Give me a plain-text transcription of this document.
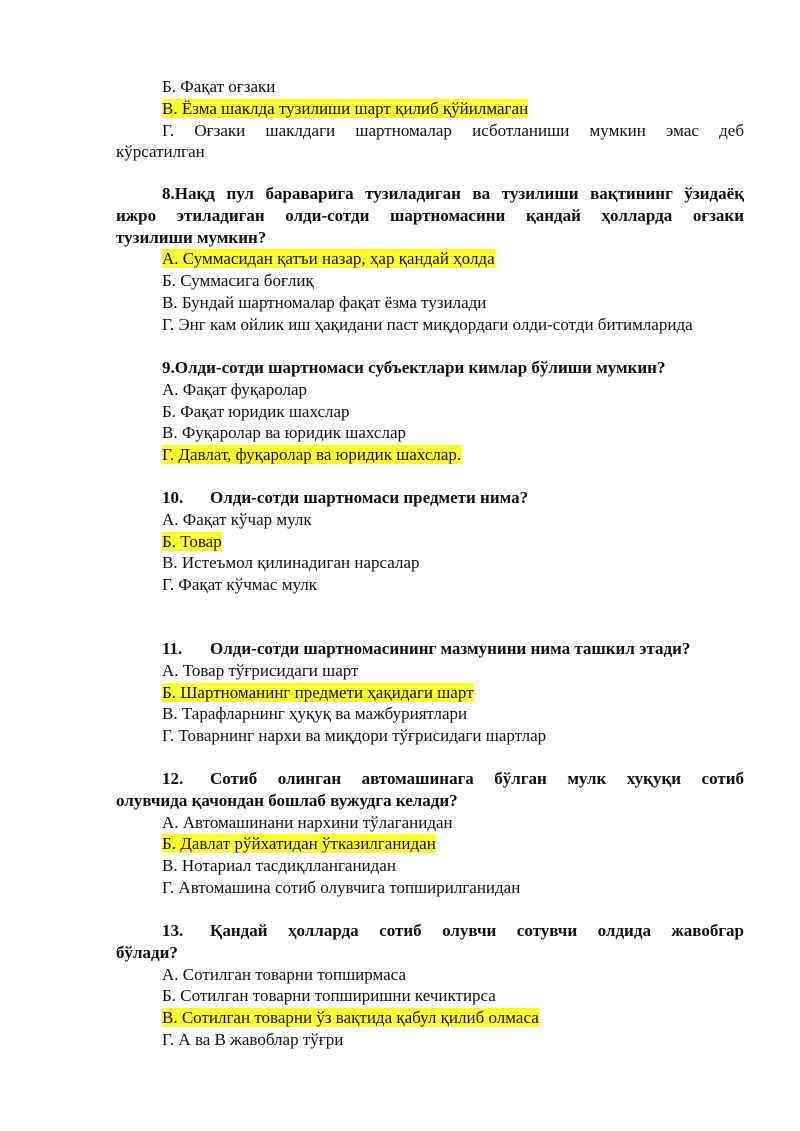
Б. Фақат оғзаки
В. Ёзма шаклда тузилиши шарт қилиб қўйилмаган
Г. Оғзаки шаклдаги шартномалар исботланиши мумкин эмас деб
кўрсатилган
8.Нақд пул бараварига тузиладиган ва тузилиши вақтининг ўзидаёқ
ижро этиладиган олди-сотди шартномасини қандай ҳолларда оғзаки
тузилиши мумкин?
А. Суммасидан қатъи назар, ҳар қандай ҳолда
Б. Суммасига боғлиқ
В. Бундай шартномалар фақат ёзма тузилади
Г. Энг кам ойлик иш ҳақидани паст миқдордаги олди-сотди битимларида
9.Олди-сотди шартномаси субъектлари кимлар бўлиши мумкин?
А. Фақат фуқаролар
Б. Фақат юридик шахслар
В. Фуқаролар ва юридик шахслар
Г. Давлат, фуқаролар ва юридик шахслар.
10. Олди-сотди шартномаси предмети нима?
А. Фақат кўчар мулк
Б. Товар
В. Истеъмол қилинадиган нарсалар
Г. Фақат кўчмас мулк
11. Олди-сотди шартномасининг мазмунини нима ташкил этади?
А. Товар тўғрисидаги шарт
Б. Шартноманинг предмети ҳақидаги шарт
В. Тарафларнинг ҳуқуқ ва мажбуриятлари
Г. Товарнинг нархи ва миқдори тўғрисидаги шартлар
12. Сотиб олинган автомашинага бўлган мулк хуқуқи сотиб
олувчида қачондан бошлаб вужудга келади?
А. Автомашинани нархини тўлаганидан
Б. Давлат рўйхатидан ўтказилганидан
В. Нотариал тасдиқлланганидан
Г. Автомашина сотиб олувчига топширилганидан
13. Қандай ҳолларда сотиб олувчи сотувчи олдида жавобгар
бўлади?
А. Сотилган товарни топширмаса
Б. Сотилган товарни топширишни кечиктирса
В. Сотилган товарни ўз вақтида қабул қилиб олмаса
Г. А ва В жавоблар тўғри
